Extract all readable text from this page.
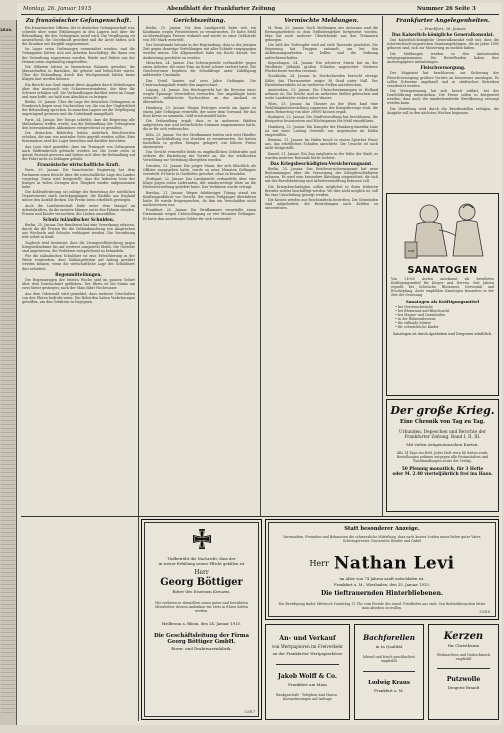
2826.
Montag, 26. Januar 1915	Abendblatt der Frankfurter Zeitung	Nummer 26 Seite 3
Zu französischer Gefangenschaft.

Ein französischer Offizier, der in deutscher Gefangenschaft war, schreibt über seine Erfahrungen in den Lagern und über die Behandlung, die den Gefangenen zuteil wird. Die Verpflegung sei ausreichend, die Unterkunft geordnet und die Ärzte hätten sich der Kranken mit Sorgfalt angenommen.

Im Lager seien Vorlesungen veranstaltet worden, und die Gefangenen hätten sich mit Arbeiten beschäftigt, die ihnen von der Verwaltung zugewiesen wurden. Briefe und Pakete aus der Heimat seien regelmäßig eingetroffen.

Die Offiziere hätten in besonderen Räumen gewohnt, die Mannschaften in Baracken, die geheizt und beleuchtet waren. Über die Behandlung durch das Wachpersonal hätten keine Klagen laut werden können.

Ein Bericht aus Genf ergänzt diese Angaben durch Mitteilungen über den Austausch von Schwerverwundeten, der über die Schweiz erfolgen soll. Die Verhandlungen darüber seien im Gange und man hoffe, sie bald zum Abschluss zu bringen.

Berlin, 25. Januar. Über die Lage der deutschen Gefangenen in Frankreich liegen neue Nachrichten vor, die von der Ungleichheit der Behandlung sprechen. In manchen Lagern sei die Verpflegung ungenügend gewesen und die Unterkunft mangelhaft.

Paris, 24. Januar. Der Temps schreibt, dass die Regierung alle Maßnahmen treffen werde, um die Behandlung der Gefangenen den internationalen Abkommen entsprechend zu gestalten.

Die deutschen Behörden haben mehrfach Beschwerden erhoben, die nun von neutraler Seite geprüft werden sollen. Eine Kommission wird die Lager besuchen und darüber berichten.

Aus Lyon wird gemeldet, dass ein Transport von Gefangenen nach Südfrankreich gebracht worden sei. Die Leute seien in gutem Zustand gewesen und hätten sich über die Behandlung auf der Fahrt nicht zu beklagen gehabt.

Französische wirtschaftliche Kraft.

Paris, 25. Januar. Die französische Regierung hat dem Parlament einen Bericht über die wirtschaftliche Lage des Landes vorgelegt. Darin wird festgestellt, dass die Industrie trotz des Krieges in vielen Zweigen ihre Tätigkeit wieder aufgenommen habe.

Die Kohlenförderung sei infolge der Besetzung der nördlichen Departements stark zurückgegangen; die Einfuhr aus England müsse den Ausfall decken. Die Preise seien erheblich gestiegen.

Auch die Landwirtschaft leide unter dem Mangel an Arbeitskräften, da die meisten Männer unter den Fahnen stünden. Frauen und Kinder versuchten, die Lücken auszufüllen.

Schutz inländischer Schulden.

Berlin, 25. Januar. Der Bundesrat hat eine Verordnung erlassen, durch die die Fristen für die Geltendmachung von Ansprüchen aus Wechseln und Schecks verlängert werden. Die Verordnung tritt sofort in Kraft.

Zugleich wird bestimmt, dass die Zwangsvollstreckung gegen Kriegsteilnehmer bis auf weiteres ausgesetzt bleibt. Die Gerichte sind angewiesen, die Verfahren entsprechend zu behandeln.

Für die inländischen Schuldner ist eine Erleichterung in der Weise vorgesehen, dass Zahlungsfristen auf Antrag gewährt werden können, wenn die wirtschaftliche Lage des Schuldners dies erfordert.

Regenmitteilungen.

Die Regenmengen der letzten Woche sind im ganzen Gebiet über dem Durchschnitt geblieben. Der Rhein ist bei Mainz um zwei Meter gestiegen; auch der Main führt Hochwasser.

Aus dem Odenwald wird gemeldet, dass mehrere Ortschaften von den Fluten bedroht seien. Die Behörden haben Vorkehrungen getroffen, um den Gefahren zu begegnen.

Gerichtszeitung.

Berlin, 25. Januar. Vor dem Landgericht hatte sich ein Kaufmann wegen Preistreiberei zu verantworten. Er hatte Mehl zu übermäßigen Preisen verkauft und wurde zu einer Geldstrafe von 300 Mark verurteilt.

Der Vorsitzende betonte in der Begründung, dass in der jetzigen Zeit gegen derartige Verfehlungen mit aller Schärfe vorgegangen werden müsse. Die Allgemeinheit habe ein Recht darauf, vor Ausbeutung geschützt zu werden.

München, 24. Januar. Das Schwurgericht verhandelte gegen einen Arbeiter, der seine Frau im Streit schwer verletzt hatte. Die Geschworenen bejahten die Schuldfrage unter Zubilligung mildernder Umstände.

Das Urteil lautete auf zwei Jahre Gefängnis. Die Untersuchungshaft wurde ihm angerechnet.

Leipzig, 24. Januar. Das Reichsgericht hat die Revision eines wegen Spionage Verurteilten verworfen. Der Angeklagte hatte versucht, militärische Nachrichten an das Ausland zu übermitteln.

Hamburg, 23. Januar. Wegen Betruges wurde ein Agent zu einem Jahr Gefängnis verurteilt, der unter dem Vorwand, für das Rote Kreuz zu sammeln, Geld erschwindelt hatte.

Die Verhandlung ergab, dass er in mehreren Städten aufgetreten war und beträchtliche Summen eingenommen hatte, die er für sich verbrauchte.

Köln, 23. Januar. Vor der Strafkammer hatten sich zwei Händler wegen Zurückhaltung von Vorräten zu verantworten. Sie hatten Kartoffeln in großen Mengen gelagert, um höhere Preise abzuwarten.

Das Gericht verurteilte beide zu empfindlichen Geldstrafen und ordnete die Einziehung der Vorräte an, die der städtischen Verwaltung zur Verteilung übergeben wurden.

Dresden, 22. Januar. Ein junger Mann, der sich fälschlich als Offizier ausgegeben hatte, wurde zu neun Monaten Gefängnis verurteilt. Er hatte in Gasthöfen gewohnt, ohne zu bezahlen.

Stuttgart, 22. Januar. Das Landgericht verhandelte über eine Klage gegen einen Lieferanten, der minderwertige Ware an die Heeresverwaltung geliefert hatte. Das Verfahren wurde vertagt.

Breslau, 21. Januar. Wegen fahrlässiger Tötung stand ein Kraftwagenführer vor Gericht, der einen Fußgänger überfahren hatte. Er wurde freigesprochen, da ihm ein Verschulden nicht nachzuweisen war.

Frankfurt, 25. Januar. Die Strafkammer verurteilte einen Dienstmann wegen Unterschlagung zu vier Monaten Gefängnis. Er hatte ihm anvertraute Gelder für sich verwendet.

Vermischte Meldungen.

M. Rom, 25. Januar. Nach Meldungen aus Avezzano sind die Rettungsarbeiten in dem Erdbebengebiet fortgesetzt worden. Man hat noch mehrere Überlebende aus den Trümmern geborgen.

Die Zahl der Todesopfer wird auf viele Tausende geschätzt. Die Regierung hat Truppen entsandt, um bei den Aufräumungsarbeiten zu helfen und die Ordnung aufrechtzuerhalten.

Kopenhagen, 24. Januar. Ein schwerer Sturm hat an der Westküste Jütlands großen Schaden angerichtet. Mehrere Fischerboote werden vermisst.

Stockholm, 24. Januar. In Nordschweden herrscht strenge Kälte; das Thermometer zeigte 38 Grad unter Null. Der Eisenbahnverkehr ist an mehreren Stellen unterbrochen.

Amsterdam, 23. Januar. Die Überschwemmungen in Holland nehmen zu. Die Deiche sind an mehreren Stellen gebrochen und weite Landstriche stehen unter Wasser.

Wien, 23. Januar. Im Theater an der Wien fand eine Wohltätigkeitsvorstellung zugunsten der Kriegsfürsorge statt, die einen Reinertrag von über 20000 Kronen ergab.

Budapest, 22. Januar. Die Stadtverwaltung hat beschlossen, die Brotpreise festzusetzen und Höchstpreise für Mehl einzuführen.

Hamburg, 22. Januar. Ein Dampfer der Hamburg-Amerika-Linie ist mit einer Ladung Getreide aus Argentinien im Hafen eingetroffen.

Bremen, 21. Januar. Im Hafen brach in einem Speicher Feuer aus, das erheblichen Schaden anrichtete. Die Ursache ist noch nicht festgestellt.

Kassel, 21. Januar. Ein Zug entgleiste in der Nähe der Stadt; es wurden mehrere Reisende leicht verletzt.

Das Kriegsbeschädigten-Versicherungsamt.

Berlin, 25. Januar. Das Reichsversicherungsamt hat neue Bestimmungen über die Versorgung der Kriegsbeschädigten erlassen. Es wird eine besondere Abteilung eingerichtet, die sich mit der Berufsberatung und Arbeitsvermittlung befassen soll.

Die Kriegsbeschädigten sollen möglichst in ihren früheren Berufen wieder beschäftigt werden. Wo dies nicht möglich ist, soll für eine Umschulung gesorgt werden.

Die Kosten werden aus Reichsmitteln bestritten. Die Gemeinden sind aufgefordert, die Bestrebungen nach Kräften zu unterstützen.

Frankfurter Angelegenheiten.
— Frankfurt, 26. Januar.
Das Kaiserlich-königliche Generalkonsulat.

Das Kaiserlich-königliche Generalkonsulat teilt mit, dass die österreichisch-ungarischen Staatsangehörigen, die im Jahre 1895 geboren sind, sich zur Musterung zu melden haben.

Die Meldungen werden in den Amtsstunden entgegengenommen. Die Betreffenden haben ihre Ausweispapiere mitzubringen.

Fleischversorgung.

Der Magistrat hat beschlossen, zur Sicherung der Fleischversorgung größere Vorräte an Dauerware anzulegen. Es sollen Schweine angekauft und in städtischen Betrieben verarbeitet werden.

Die Metzgerinnung hat sich bereit erklärt, bei der Durchführung mitzuwirken. Die Preise sollen so festgesetzt werden, dass auch die minderbemittelte Bevölkerung versorgt werden kann.

Die Verteilung wird durch die Bezirksstellen erfolgen, die Ausgabe soll in den nächsten Wochen beginnen.

SAN
SANATOGEN

Von 21000 Ärzten anerkannt als bewährtes Kräftigungsmittel für Körper und Nerven. Seit Jahren erprobt bei Schwäche, Blutarmut, Nervosität und Erschöpfung. Ärzte empfehlen Sanatogen besonders in der Zeit der Genesung.

Sanatogen als Kräftigungsmittel

• bei Nervenschwäche
• bei Blutarmut und Bleichsucht
• bei Magen- und Darmleiden
• in der Rekonvaleszenz
• für stillende Mütter
• für schwächliche Kinder

Sanatogen ist durch Apotheken und Drogerien erhältlich.
Der große Krieg.
Eine Chronik von Tag zu Tag.
Urkunden, Depeschen und Berichte der
Frankfurter Zeitung. Band I, II, III.
Mit vielen zeitgenössischen Karten.

Alle 14 Tage ein Heft. Jedes Heft etwa 48 Seiten stark. Bestellungen nehmen entgegen alle Postanstalten und Buchhandlungen sowie der Verlag.

50 Pfennig monatlich, für 3 Hefte
oder M. 2.40 vierteljährlich frei ins Haus.
Tiefbetrübt die Nachricht, dass der
in treuer Erfüllung seiner Pflicht gefallen ist
Herr
Georg Böttiger
Ritter des Eisernen Kreuzes.

Wir verlieren in demselben einen guten und bewährten Mitarbeiter, dessen Andenken wir stets in Ehren halten werden.

Heilbronn a. Rhein, den 24. Januar 1915.
Die Geschäftsleitung der Firma
Georg Böttiger GmbH.
Eisen- und Drahtwarenfabrik.
53017
Statt besonderer Anzeige.

Verwandten, Freunden und Bekannten die schmerzliche Mitteilung, dass nach kurzer Leiden unser lieber guter Vater, Schwiegervater, Grossvater, Bruder und Onkel

Herr Nathan Levi
im Alter von 74 Jahren sanft entschlafen ist.
Frankfurt a. M., Wiesbaden, den 25. Januar 1915.
Die tieftrauernden Hinterbliebenen.

Die Beerdigung findet Mittwoch Vormittag 11 Uhr vom Portale des israel. Friedhofes aus statt. Von Beileidsbesuchen bittet man absehen zu wollen.

53018
An- und Verkauf
von Wertpapieren im Freiverkehr
an der Frankfurter Wertpapierbörse
Jakob Wolff & Co.
Frankfurt am Main

Bankgeschäft · Telephon Amt Hansa · Kursnotierungen auf Anfrage

Bachforellen
in Ia Qualität

lebend und frisch geschlachtet empfiehlt

Ludwig Kraus
Frankfurt a. M.
Kerzen
für Christbaum

Weihnachten und Grabschmuck empfiehlt

Putzwolle
Drogerie Brandt
